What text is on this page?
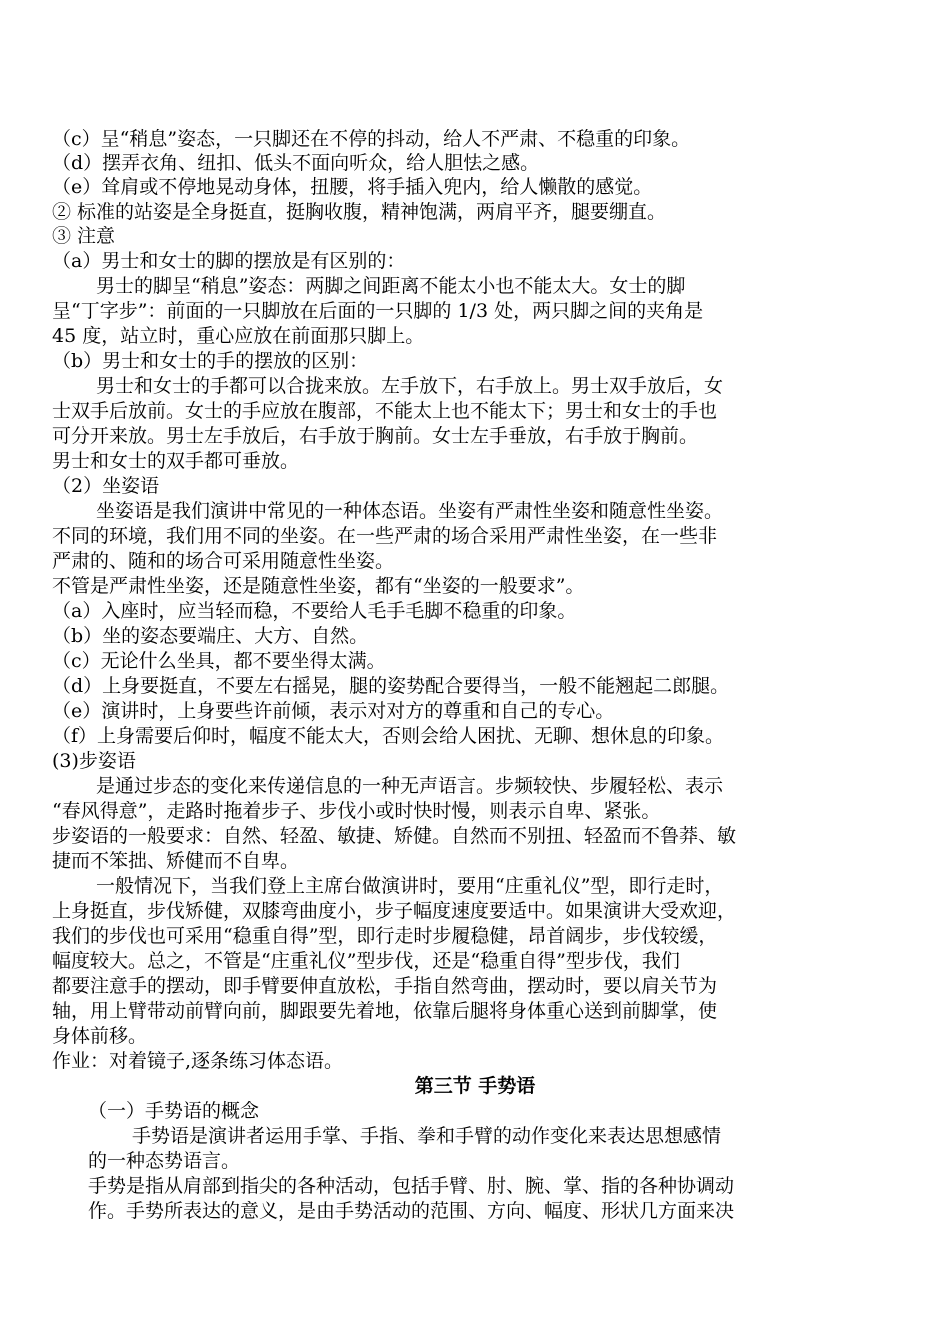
（c）呈“稍息”姿态，一只脚还在不停的抖动，给人不严肃、不稳重的印象。
（d）摆弄衣角、纽扣、低头不面向听众，给人胆怯之感。
（e）耸肩或不停地晃动身体，扭腰，将手插入兜内，给人懒散的感觉。
② 标准的站姿是全身挺直，挺胸收腹，精神饱满，两肩平齐，腿要绷直。
③ 注意
（a）男士和女士的脚的摆放是有区别的：
男士的脚呈“稍息”姿态：两脚之间距离不能太小也不能太大。女士的脚
呈“丁字步”：前面的一只脚放在后面的一只脚的 1/3 处，两只脚之间的夹角是
45 度，站立时，重心应放在前面那只脚上。
（b）男士和女士的手的摆放的区别：
男士和女士的手都可以合拢来放。左手放下，右手放上。男士双手放后，女
士双手后放前。女士的手应放在腹部，不能太上也不能太下；男士和女士的手也
可分开来放。男士左手放后，右手放于胸前。女士左手垂放，右手放于胸前。
男士和女士的双手都可垂放。
（2）坐姿语
坐姿语是我们演讲中常见的一种体态语。坐姿有严肃性坐姿和随意性坐姿。
不同的环境，我们用不同的坐姿。在一些严肃的场合采用严肃性坐姿，在一些非
严肃的、随和的场合可采用随意性坐姿。
不管是严肃性坐姿，还是随意性坐姿，都有“坐姿的一般要求”。
（a）入座时，应当轻而稳，不要给人毛手毛脚不稳重的印象。
（b）坐的姿态要端庄、大方、自然。
（c）无论什么坐具，都不要坐得太满。
（d）上身要挺直，不要左右摇晃，腿的姿势配合要得当，一般不能翘起二郎腿。
（e）演讲时，上身要些许前倾，表示对对方的尊重和自己的专心。
（f）上身需要后仰时，幅度不能太大，否则会给人困扰、无聊、想休息的印象。
(3)步姿语
是通过步态的变化来传递信息的一种无声语言。步频较快、步履轻松、表示
“春风得意”，走路时拖着步子、步伐小或时快时慢，则表示自卑、紧张。
步姿语的一般要求：自然、轻盈、敏捷、矫健。自然而不别扭、轻盈而不鲁莽、敏
捷而不笨拙、矫健而不自卑。
一般情况下，当我们登上主席台做演讲时，要用“庄重礼仪”型，即行走时，
上身挺直，步伐矫健，双膝弯曲度小，步子幅度速度要适中。如果演讲大受欢迎，
我们的步伐也可采用“稳重自得”型，即行走时步履稳健，昂首阔步，步伐较缓，
幅度较大。总之，不管是“庄重礼仪”型步伐，还是“稳重自得”型步伐，我们
都要注意手的摆动，即手臂要伸直放松，手指自然弯曲，摆动时，要以肩关节为
轴，用上臂带动前臂向前，脚跟要先着地，依靠后腿将身体重心送到前脚掌，使
身体前移。
作业：对着镜子,逐条练习体态语。
第三节 手势语
（一）手势语的概念
手势语是演讲者运用手掌、手指、拳和手臂的动作变化来表达思想感情
的一种态势语言。
手势是指从肩部到指尖的各种活动，包括手臂、肘、腕、掌、指的各种协调动
作。手势所表达的意义，是由手势活动的范围、方向、幅度、形状几方面来决
